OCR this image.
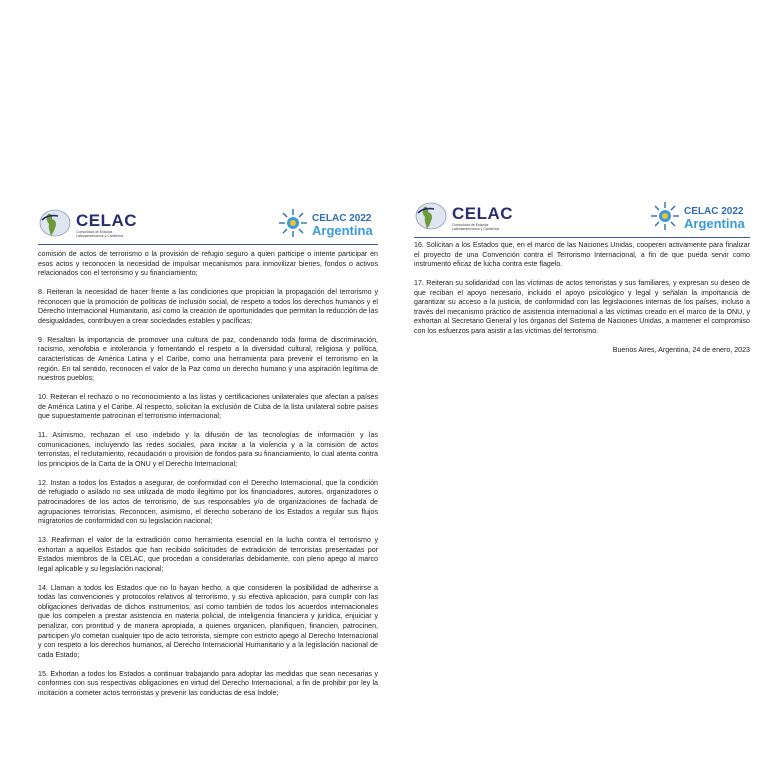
CELAC
Comunidad de Estados Latinoamericanos y Caribeños
CELAC 2022
Argentina

comisión de actos de terrorismo o la provisión de refugio seguro a quien participe o intente participar en esos actos y reconocen la necesidad de impulsar mecanismos para inmovilizar bienes, fondos o activos relacionados con el terrorismo y su financiamiento;

8. Reiteran la necesidad de hacer frente a las condiciones que propician la propagación del terrorismo y reconocen que la promoción de políticas de inclusión social, de respeto a todos los derechos humanos y el Derecho Internacional Humanitario, así como la creación de oportunidades que permitan la reducción de las desigualdades, contribuyen a crear sociedades estables y pacíficas;

9. Resaltan la importancia de promover una cultura de paz, condenando toda forma de discriminación, racismo, xenofobia e intolerancia y fomentando el respeto a la diversidad cultural, religiosa y política, características de América Latina y el Caribe, como una herramienta para prevenir el terrorismo en la región. En tal sentido, reconocen el valor de la Paz como un derecho humano y una aspiración legítima de nuestros pueblos;

10. Reiteran el rechazo o no reconocimiento a las listas y certificaciones unilaterales que afectan a países de América Latina y el Caribe. Al respecto, solicitan la exclusión de Cuba de la lista unilateral sobre países que supuestamente patrocinan el terrorismo internacional;

11. Asimismo, rechazan el uso indebido y la difusión de las tecnologías de información y las comunicaciones, incluyendo las redes sociales, para incitar a la violencia y a la comisión de actos terroristas, el reclutamiento, recaudación o provisión de fondos para su financiamiento, lo cual atenta contra los principios de la Carta de la ONU y el Derecho Internacional;

12. Instan a todos los Estados a asegurar, de conformidad con el Derecho Internacional, que la condición de refugiado o asilado no sea utilizada de modo ilegítimo por los financiadores, autores, organizadores o patrocinadores de los actos de terrorismo, de sus responsables y/o de organizaciones de fachada de agrupaciones terroristas. Reconocen, asimismo, el derecho soberano de los Estados a regular sus flujos migratorios de conformidad con su legislación nacional;

13. Reafirman el valor de la extradición como herramienta esencial en la lucha contra el terrorismo y exhortan a aquellos Estados que han recibido solicitudes de extradición de terroristas presentadas por Estados miembros de la CELAC, que procedan a considerarlas debidamente, con pleno apego al marco legal aplicable y su legislación nacional;

14. Llaman a todos los Estados que no lo hayan hecho, a que consideren la posibilidad de adherirse a todas las convenciones y protocolos relativos al terrorismo, y su efectiva aplicación, para cumplir con las obligaciones derivadas de dichos instrumentos, así como también de todos los acuerdos internacionales que los compelen a prestar asistencia en materia policial, de inteligencia financiera y jurídica, enjuiciar y penalizar, con prontitud y de manera apropiada, a quienes organicen, planifiquen, financien, patrocinen, participen y/o cometan cualquier tipo de acto terrorista, siempre con estricto apego al Derecho Internacional y con respeto a los derechos humanos, al Derecho Internacional Humanitario y a la legislación nacional de cada Estado;

15. Exhortan a todos los Estados a continuar trabajando para adoptar las medidas que sean necesarias y conformes con sus respectivas obligaciones en virtud del Derecho Internacional, a fin de prohibir por ley la incitación a cometer actos terroristas y prevenir las conductas de esa índole;

CELAC
Comunidad de Estados Latinoamericanos y Caribeños
CELAC 2022
Argentina

16. Solicitan a los Estados que, en el marco de las Naciones Unidas, cooperen activamente para finalizar el proyecto de una Convención contra el Terrorismo Internacional, a fin de que pueda servir como instrumento eficaz de lucha contra este flagelo.

17. Reiteran su solidaridad con las víctimas de actos terroristas y sus familiares, y expresan su deseo de que reciban el apoyo necesario, incluido el apoyo psicológico y legal y señalan la importancia de garantizar su acceso a la justicia, de conformidad con las legislaciones internas de los países, incluso a través del mecanismo práctico de asistencia internacional a las víctimas creado en el marco de la ONU, y exhortan al Secretario General y los órganos del Sistema de Naciones Unidas, a mantener el compromiso con los esfuerzos para asistir a las víctimas del terrorismo.

Buenos Aires, Argentina, 24 de enero, 2023
